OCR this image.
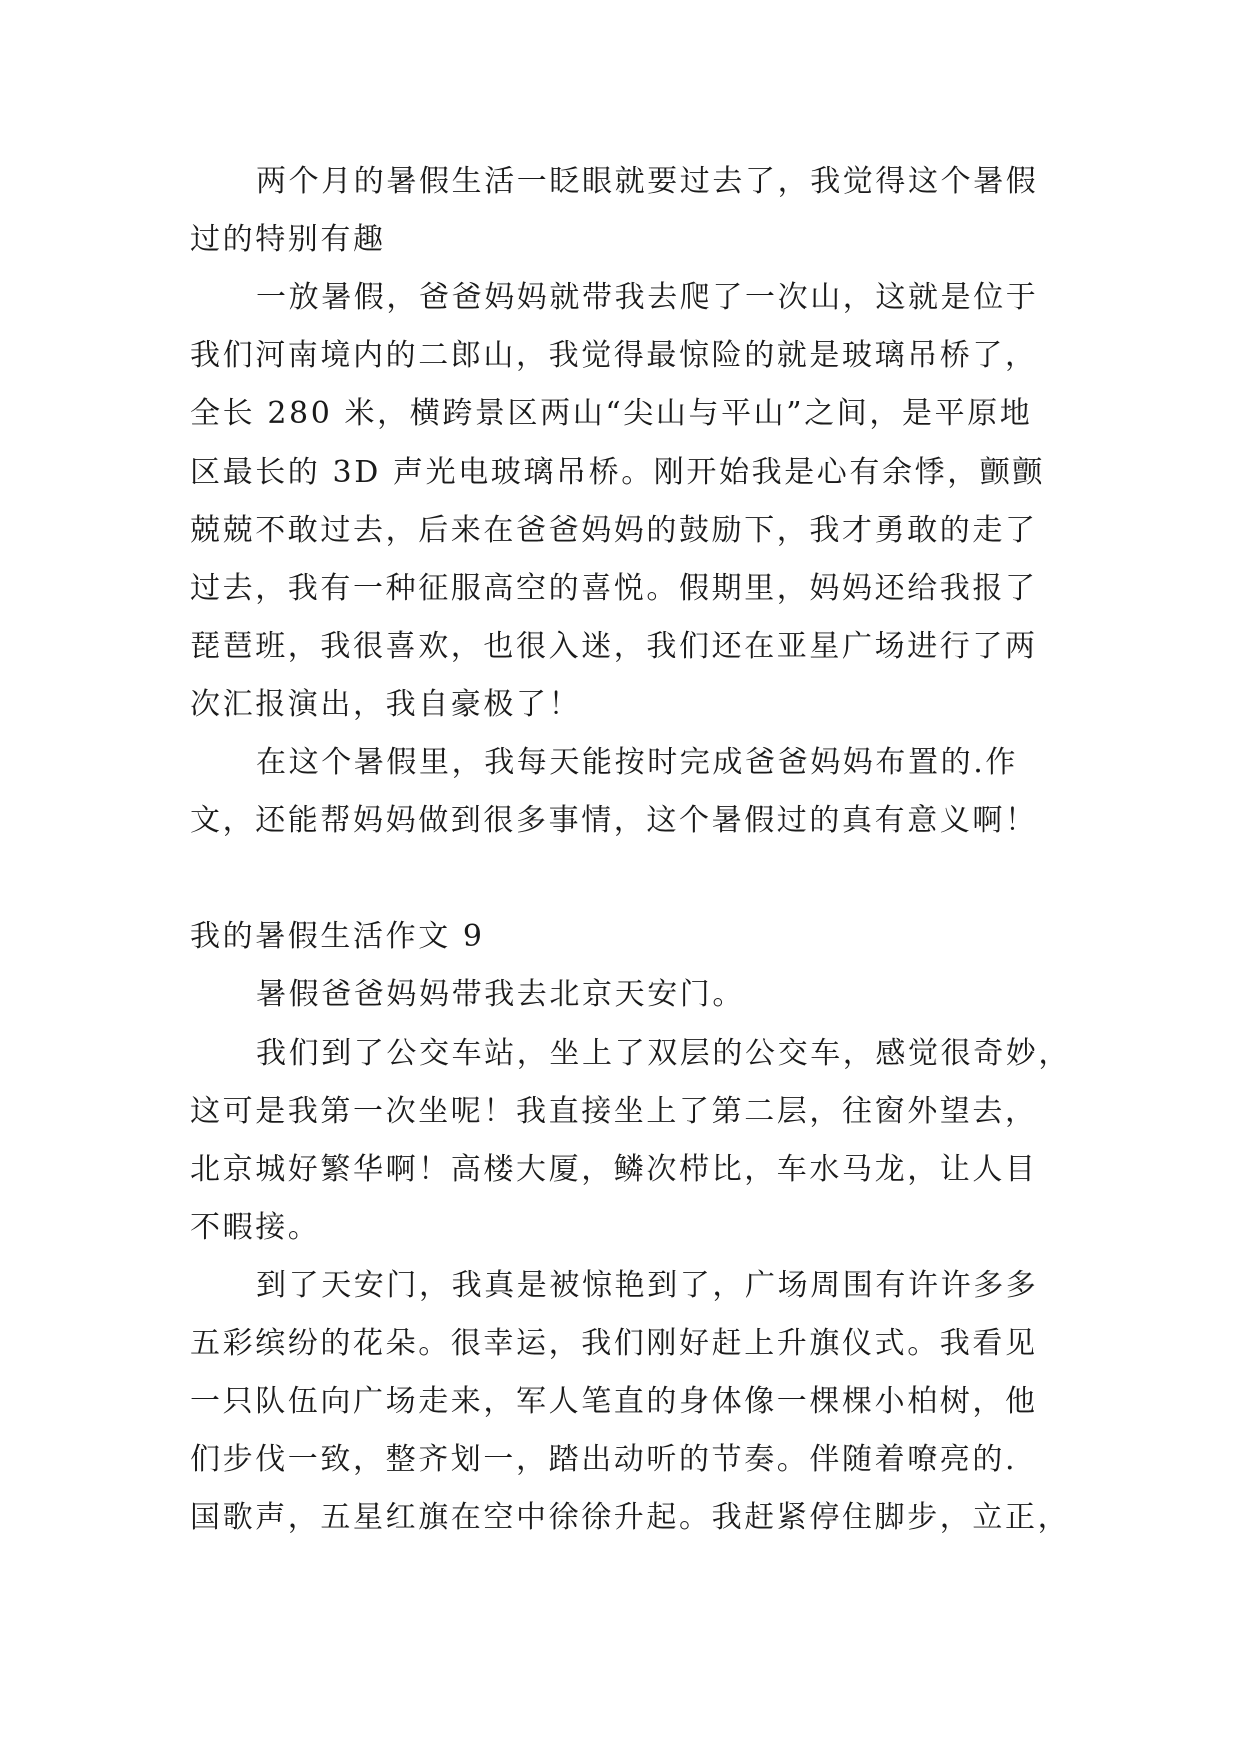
两个月的暑假生活一眨眼就要过去了，我觉得这个暑假
过的特别有趣
一放暑假，爸爸妈妈就带我去爬了一次山，这就是位于
我们河南境内的二郎山，我觉得最惊险的就是玻璃吊桥了，
全长 280 米，横跨景区两山“尖山与平山”之间，是平原地
区最长的 3D 声光电玻璃吊桥。刚开始我是心有余悸，颤颤
兢兢不敢过去，后来在爸爸妈妈的鼓励下，我才勇敢的走了
过去，我有一种征服高空的喜悦。假期里，妈妈还给我报了
琵琶班，我很喜欢，也很入迷，我们还在亚星广场进行了两
次汇报演出，我自豪极了！
在这个暑假里，我每天能按时完成爸爸妈妈布置的.作
文，还能帮妈妈做到很多事情，这个暑假过的真有意义啊！
我的暑假生活作文 9
暑假爸爸妈妈带我去北京天安门。
我们到了公交车站，坐上了双层的公交车，感觉很奇妙，
这可是我第一次坐呢！我直接坐上了第二层，往窗外望去，
北京城好繁华啊！高楼大厦，鳞次栉比，车水马龙，让人目
不暇接。
到了天安门，我真是被惊艳到了，广场周围有许许多多
五彩缤纷的花朵。很幸运，我们刚好赶上升旗仪式。我看见
一只队伍向广场走来，军人笔直的身体像一棵棵小柏树，他
们步伐一致，整齐划一，踏出动听的节奏。伴随着嘹亮的.
国歌声，五星红旗在空中徐徐升起。我赶紧停住脚步，立正，
